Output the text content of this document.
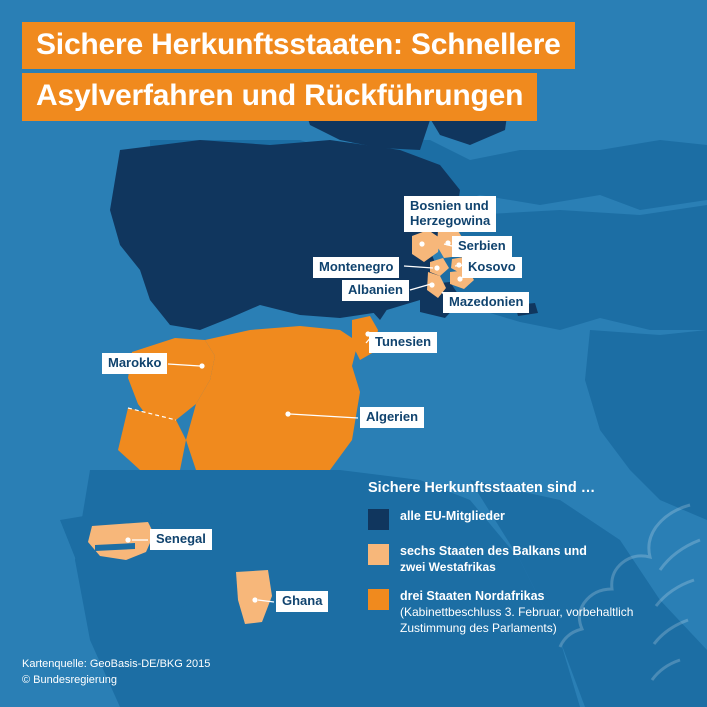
Sichere Herkunftsstaaten: Schnellere
Asylverfahren und Rückführungen
Bosnien und
Herzegowina
Serbien
Kosovo
Montenegro
Albanien
Mazedonien
Tunesien
Marokko
Algerien
Senegal
Ghana
Sichere Herkunftsstaaten sind …
alle EU-Mitglieder
sechs Staaten des Balkans und
zwei Westafrikas
drei Staaten Nordafrikas
(Kabinettbeschluss 3. Februar, vorbehaltlich Zustimmung des Parlaments)
Kartenquelle: GeoBasis-DE/BKG 2015
© Bundesregierung
